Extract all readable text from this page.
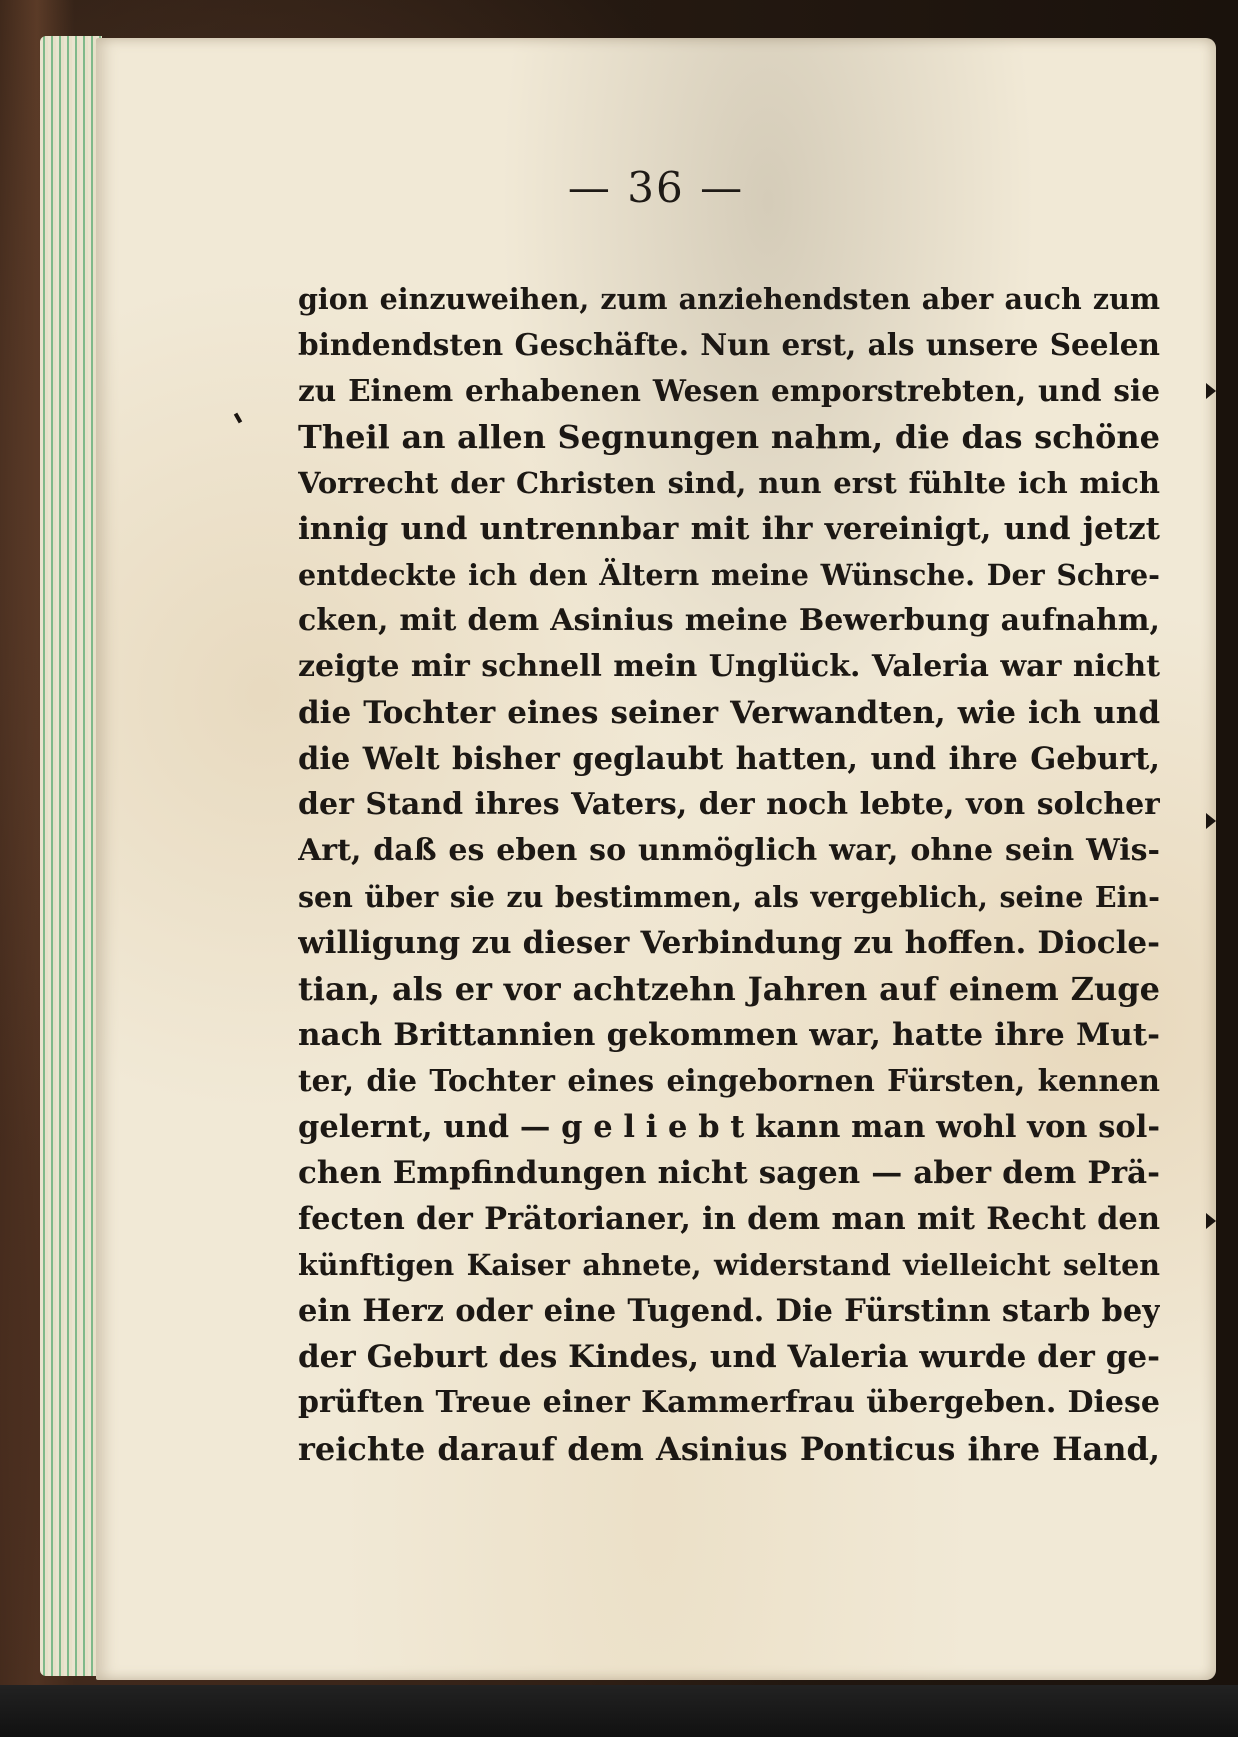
— 36 —
gion einzuweihen, zum anziehendsten aber auch zum
bindendsten Geschäfte. Nun erst, als unsere Seelen
zu Einem erhabenen Wesen emporstrebten, und sie
Theil an allen Segnungen nahm, die das schöne
Vorrecht der Christen sind, nun erst fühlte ich mich
innig und untrennbar mit ihr vereinigt, und jetzt
entdeckte ich den Ältern meine Wünsche. Der Schre-
cken, mit dem Asinius meine Bewerbung aufnahm,
zeigte mir schnell mein Unglück. Valeria war nicht
die Tochter eines seiner Verwandten, wie ich und
die Welt bisher geglaubt hatten, und ihre Geburt,
der Stand ihres Vaters, der noch lebte, von solcher
Art, daß es eben so unmöglich war, ohne sein Wis-
sen über sie zu bestimmen, als vergeblich, seine Ein-
willigung zu dieser Verbindung zu hoffen. Diocle-
tian, als er vor achtzehn Jahren auf einem Zuge
nach Brittannien gekommen war, hatte ihre Mut-
ter, die Tochter eines eingebornen Fürsten, kennen
gelernt, und — g e l i e b t kann man wohl von sol-
chen Empfindungen nicht sagen — aber dem Prä-
fecten der Prätorianer, in dem man mit Recht den
künftigen Kaiser ahnete, widerstand vielleicht selten
ein Herz oder eine Tugend. Die Fürstinn starb bey
der Geburt des Kindes, und Valeria wurde der ge-
prüften Treue einer Kammerfrau übergeben. Diese
reichte darauf dem Asinius Ponticus ihre Hand,
